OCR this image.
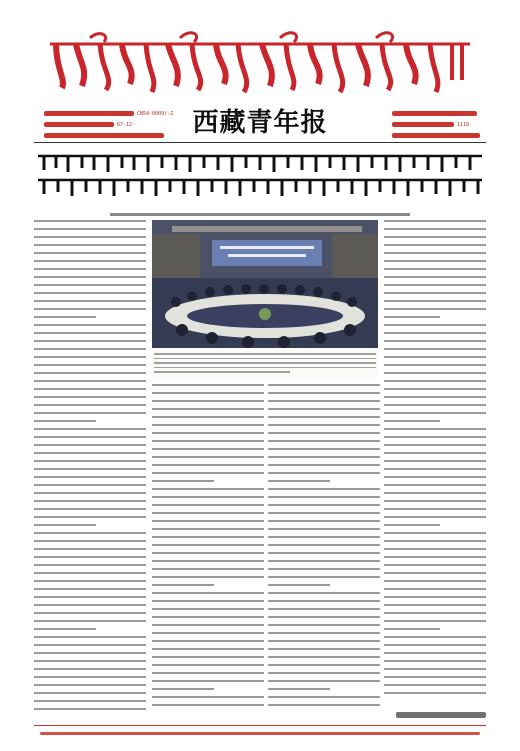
CN54-0009/-Z
67-12	西藏青年报	1118
